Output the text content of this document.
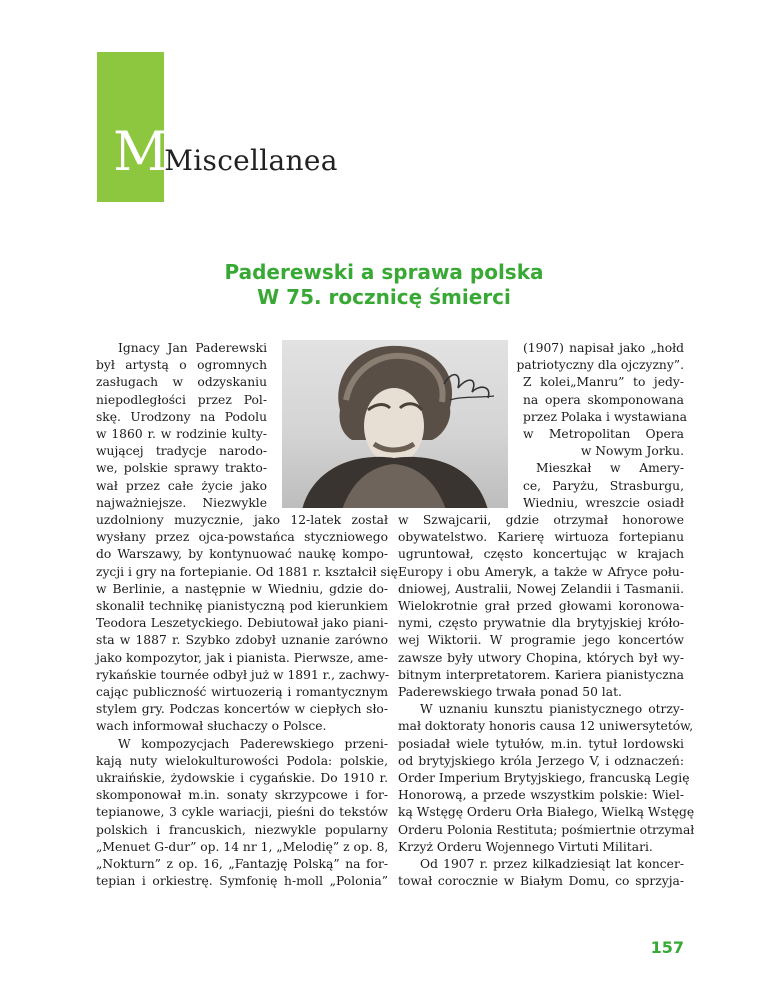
M
Miscellanea
Paderewski a sprawa polska
W 75. rocznicę śmierci
Ignacy Jan Paderewski
był artystą o ogromnych
zasługach w odzyskaniu
niepodległości przez Pol-
skę. Urodzony na Podolu
w 1860 r. w rodzinie kulty-
wującej tradycje narodo-
we, polskie sprawy trakto-
wał przez całe życie jako
najważniejsze. Niezwykle
uzdolniony muzycznie, jako 12-latek został
wysłany przez ojca-powstańca styczniowego
do Warszawy, by kontynuować naukę kompo-
zycji i gry na fortepianie. Od 1881 r. kształcił się
w Berlinie, a następnie w Wiedniu, gdzie do-
skonalił technikę pianistyczną pod kierunkiem
Teodora Leszetyckiego. Debiutował jako piani-
sta w 1887 r. Szybko zdobył uznanie zarówno
jako kompozytor, jak i pianista. Pierwsze, ame-
rykańskie tournée odbył już w 1891 r., zachwy-
cając publiczność wirtuozerią i romantycznym
stylem gry. Podczas koncertów w ciepłych sło-
wach informował słuchaczy o Polsce.
W kompozycjach Paderewskiego przeni-
kają nuty wielokulturowości Podola: polskie,
ukraińskie, żydowskie i cygańskie. Do 1910 r.
skomponował m.in. sonaty skrzypcowe i for-
tepianowe, 3 cykle wariacji, pieśni do tekstów
polskich i francuskich, niezwykle popularny
„Menuet G-dur” op. 14 nr 1, „Melodię” z op. 8,
„Nokturn” z op. 16, „Fantazję Polską” na for-
tepian i orkiestrę. Symfonię h-moll „Polonia”
(1907) napisał jako „hołd
patriotyczny dla ojczyzny”.
Z kolei„Manru” to jedy-
na opera skomponowana
przez Polaka i wystawiana
w Metropolitan Opera
w Nowym Jorku.
Mieszkał w Amery-
ce, Paryżu, Strasburgu,
Wiedniu, wreszcie osiadł
w Szwajcarii, gdzie otrzymał honorowe
obywatelstwo. Karierę wirtuoza fortepianu
ugruntował, często koncertując w krajach
Europy i obu Ameryk, a także w Afryce połu-
dniowej, Australii, Nowej Zelandii i Tasmanii.
Wielokrotnie grał przed głowami koronowa-
nymi, często prywatnie dla brytyjskiej króło-
wej Wiktorii. W programie jego koncertów
zawsze były utwory Chopina, których był wy-
bitnym interpretatorem. Kariera pianistyczna
Paderewskiego trwała ponad 50 lat.
W uznaniu kunsztu pianistycznego otrzy-
mał doktoraty honoris causa 12 uniwersytetów,
posiadał wiele tytułów, m.in. tytuł lordowski
od brytyjskiego króla Jerzego V, i odznaczeń:
Order Imperium Brytyjskiego, francuską Legię
Honorową, a przede wszystkim polskie: Wiel-
ką Wstęgę Orderu Orła Białego, Wielką Wstęgę
Orderu Polonia Restituta; pośmiertnie otrzymał
Krzyż Orderu Wojennego Virtuti Militari.
Od 1907 r. przez kilkadziesiąt lat koncer-
tował corocznie w Białym Domu, co sprzyja-
157
